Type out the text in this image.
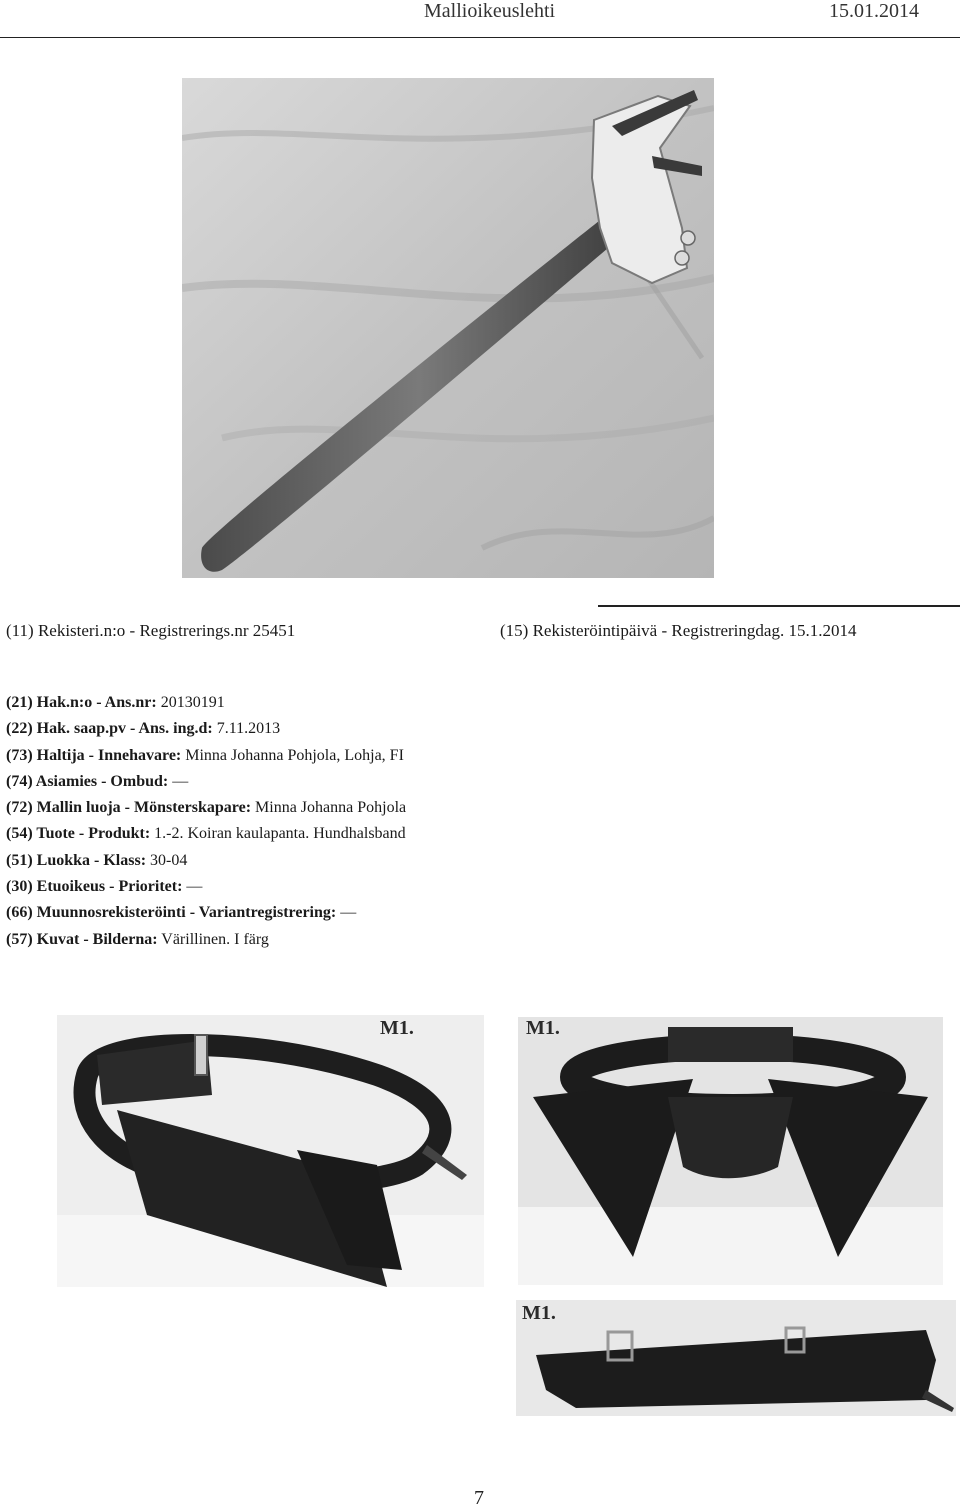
Mallioikeuslehti	15.01.2014
(11) Rekisteri.n:o - Registrerings.nr 25451	(15) Rekisteröintipäivä - Registreringdag. 15.1.2014
(21) Hak.n:o - Ans.nr: 20130191
(22) Hak. saap.pv - Ans. ing.d: 7.11.2013
(73) Haltija - Innehavare: Minna Johanna Pohjola, Lohja, FI
(74) Asiamies - Ombud: —
(72) Mallin luoja - Mönsterskapare: Minna Johanna Pohjola
(54) Tuote - Produkt: 1.-2. Koiran kaulapanta. Hundhalsband
(51) Luokka - Klass: 30-04
(30) Etuoikeus - Prioritet: —
(66) Muunnosrekisteröinti - Variantregistrering: —
(57) Kuvat - Bilderna: Värillinen. I färg
M1.	M1.
M1.
7
